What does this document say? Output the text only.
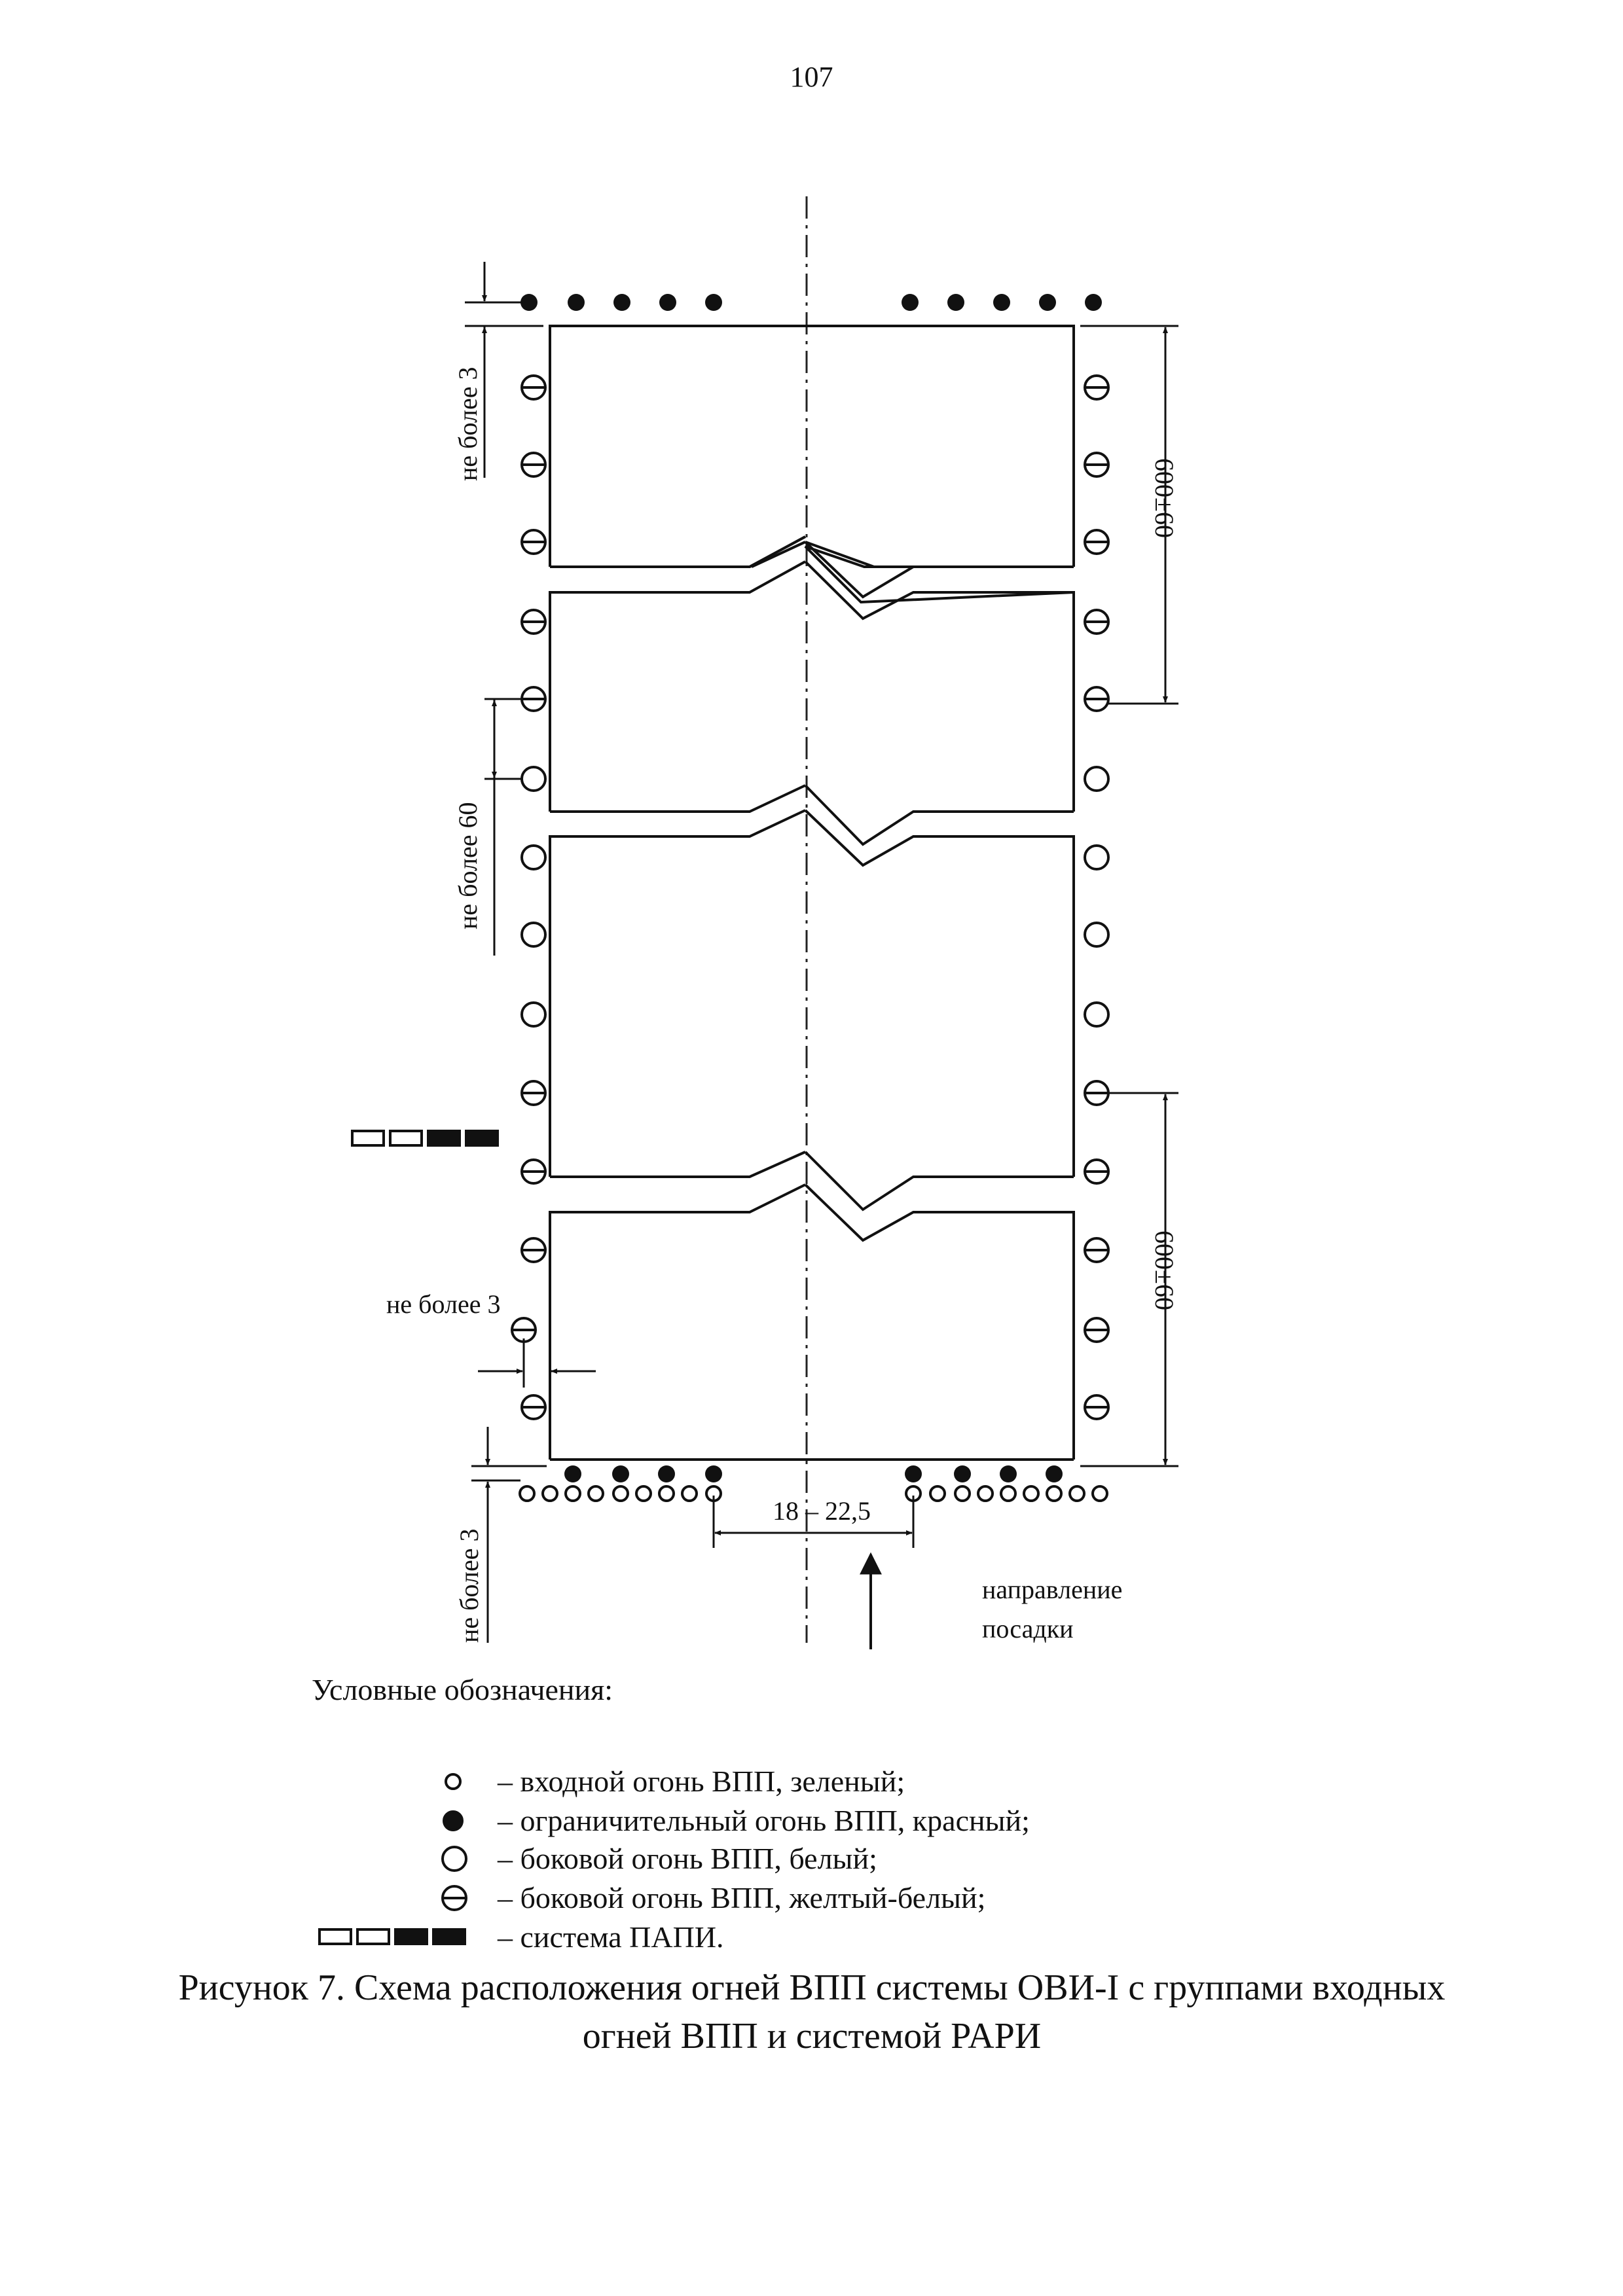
107
не более 3
не более 60
600±60
600±60
не более 3
не более 3
18 – 22,5
направление
посадки
Условные обозначения:
– входной огонь ВПП, зеленый;
– ограничительный огонь ВПП, красный;
– боковой огонь ВПП, белый;
– боковой огонь ВПП, желтый-белый;
– система ПАПИ.
Рисунок 7. Схема расположения огней ВПП системы ОВИ-I с группами входных
огней ВПП и системой PAPИ
